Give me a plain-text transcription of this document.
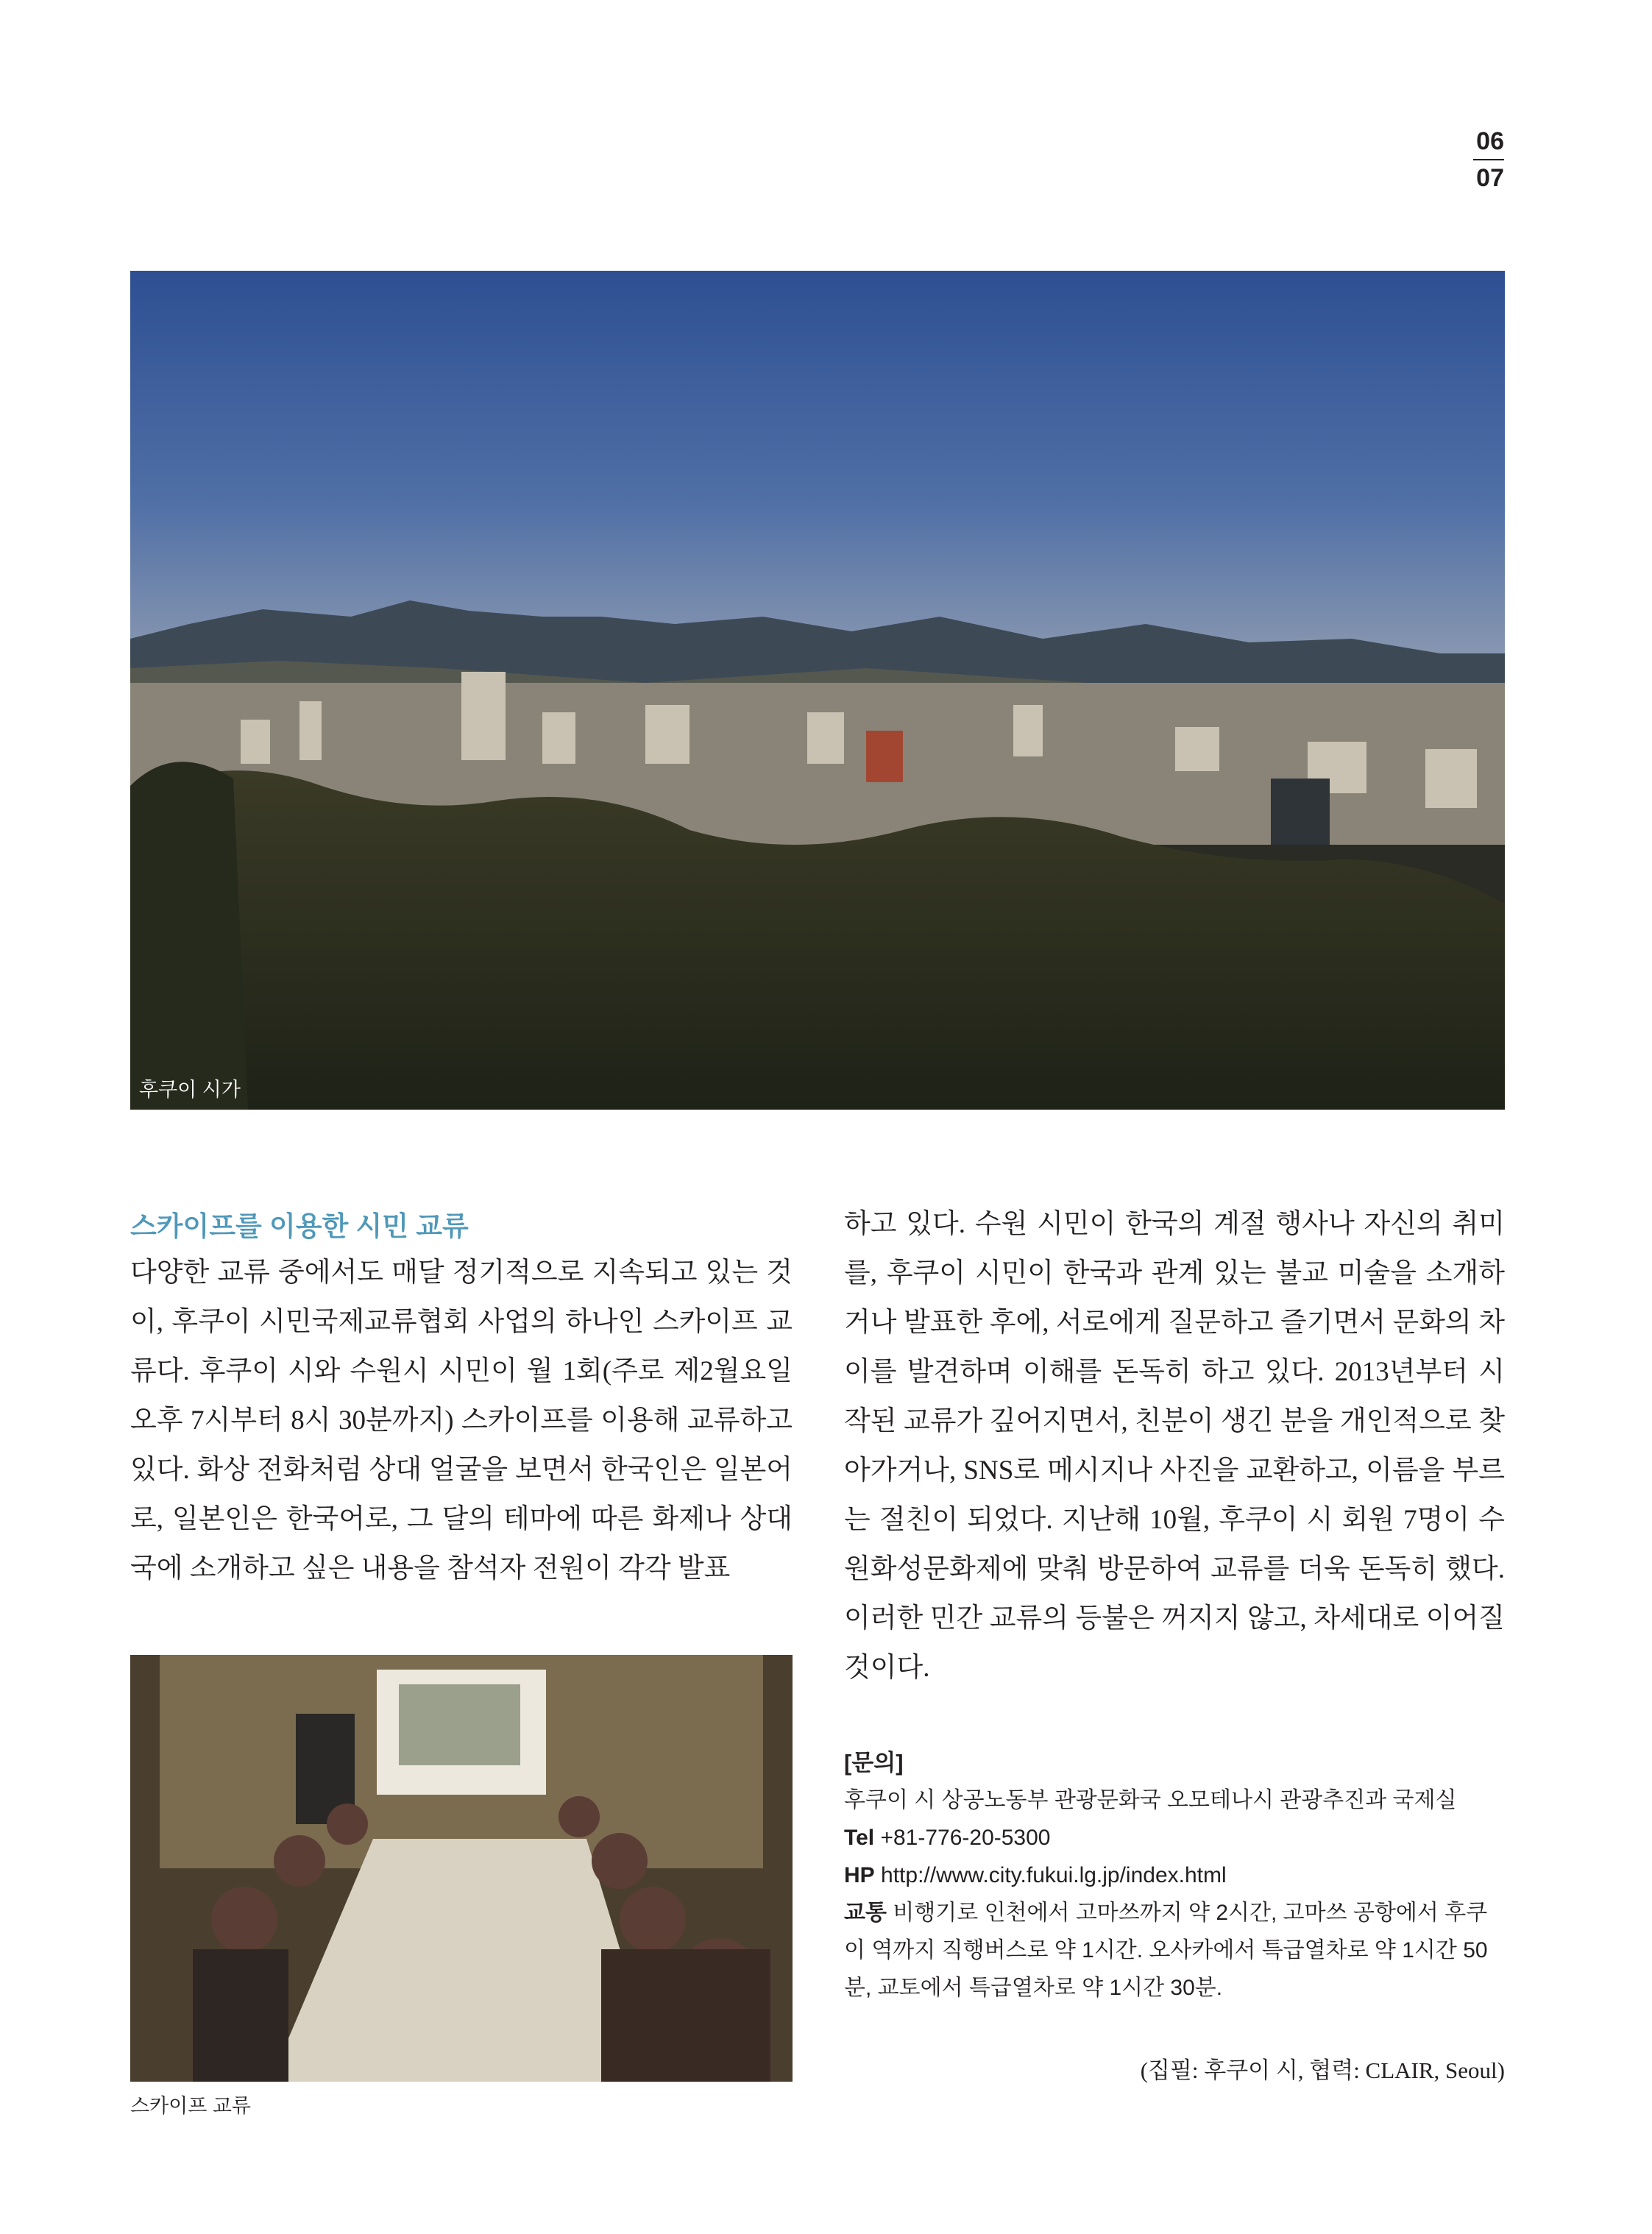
06
07
후쿠이 시가
스카이프를 이용한 시민 교류
다양한 교류 중에서도 매달 정기적으로 지속되고 있는 것이, 후쿠이 시민국제교류협회 사업의 하나인 스카이프 교류다. 후쿠이 시와 수원시 시민이 월 1회(주로 제2월요일 오후 7시부터 8시 30분까지) 스카이프를 이용해 교류하고 있다. 화상 전화처럼 상대 얼굴을 보면서 한국인은 일본어로, 일본인은 한국어로, 그 달의 테마에 따른 화제나 상대국에 소개하고 싶은 내용을 참석자 전원이 각각 발표
하고 있다. 수원 시민이 한국의 계절 행사나 자신의 취미를, 후쿠이 시민이 한국과 관계 있는 불교 미술을 소개하거나 발표한 후에, 서로에게 질문하고 즐기면서 문화의 차이를 발견하며 이해를 돈독히 하고 있다. 2013년부터 시작된 교류가 깊어지면서, 친분이 생긴 분을 개인적으로 찾아가거나, SNS로 메시지나 사진을 교환하고, 이름을 부르는 절친이 되었다. 지난해 10월, 후쿠이 시 회원 7명이 수원화성문화제에 맞춰 방문하여 교류를 더욱 돈독히 했다. 이러한 민간 교류의 등불은 꺼지지 않고, 차세대로 이어질 것이다.
스카이프 교류
[문의]
후쿠이 시 상공노동부 관광문화국 오모테나시 관광추진과 국제실
Tel +81-776-20-5300
HP http://www.city.fukui.lg.jp/index.html
교통 비행기로 인천에서 고마쓰까지 약 2시간, 고마쓰 공항에서 후쿠이 역까지 직행버스로 약 1시간. 오사카에서 특급열차로 약 1시간 50분, 교토에서 특급열차로 약 1시간 30분.
(집필: 후쿠이 시, 협력: CLAIR, Seoul)
